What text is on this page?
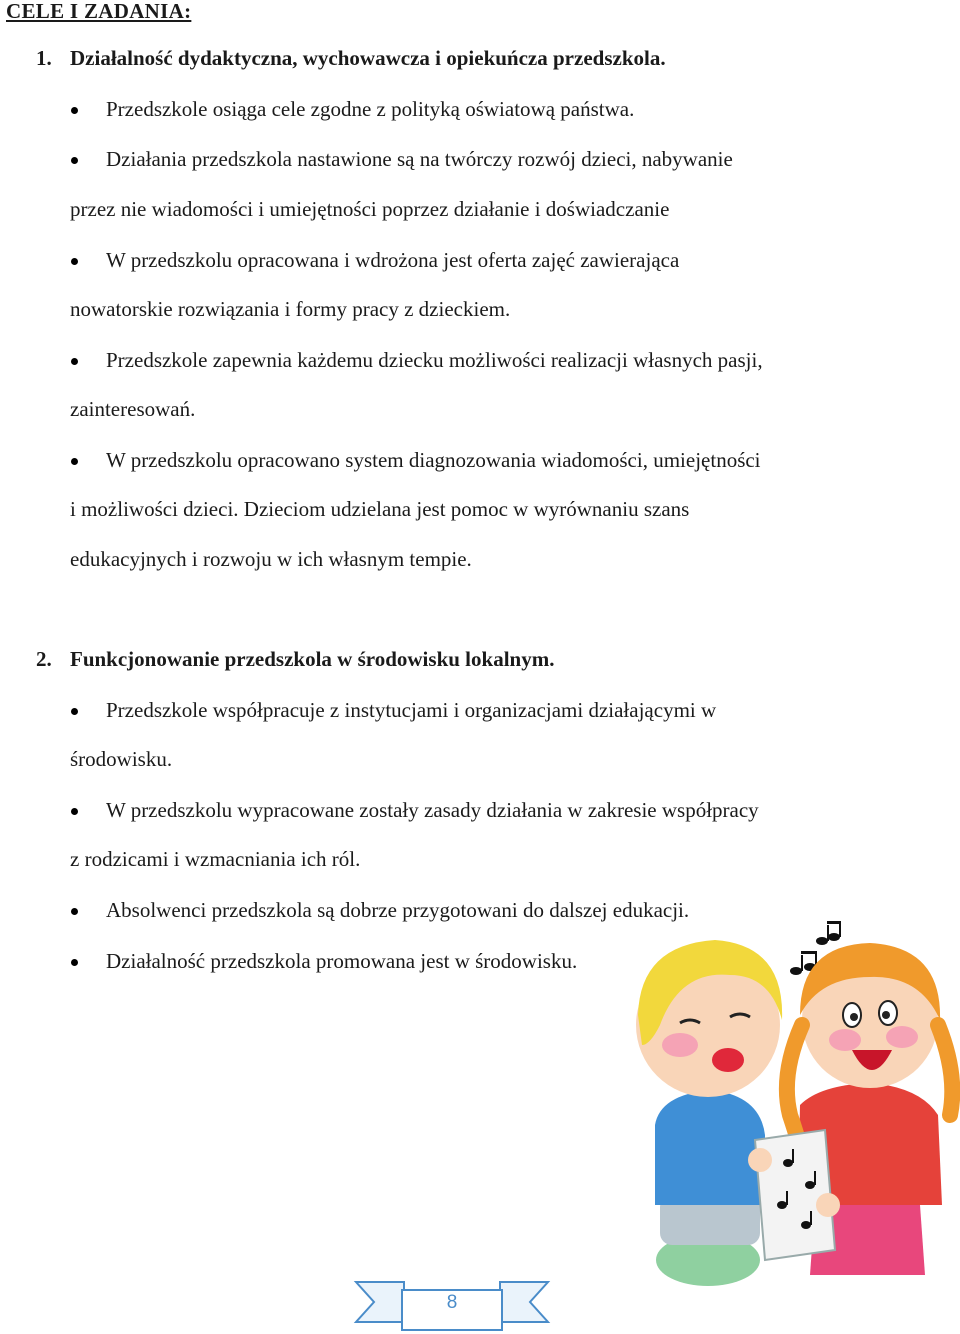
CELE I ZADANIA:
1. Działalność dydaktyczna, wychowawcza i opiekuńcza przedszkola.
Przedszkole osiąga cele zgodne z polityką oświatową państwa.
Działania przedszkola nastawione są na twórczy rozwój dzieci, nabywanie
przez nie wiadomości i umiejętności poprzez działanie i doświadczanie
W przedszkolu opracowana i wdrożona jest oferta zajęć zawierająca
nowatorskie rozwiązania i formy pracy z dzieckiem.
Przedszkole zapewnia każdemu dziecku możliwości realizacji własnych pasji,
zainteresowań.
W przedszkolu opracowano system diagnozowania wiadomości, umiejętności
i możliwości dzieci. Dzieciom udzielana jest pomoc w wyrównaniu szans
edukacyjnych i rozwoju w ich własnym tempie.
2. Funkcjonowanie przedszkola w środowisku lokalnym.
Przedszkole współpracuje z instytucjami i organizacjami działającymi w
środowisku.
W przedszkolu wypracowane zostały zasady działania w zakresie współpracy
z rodzicami i wzmacniania ich ról.
Absolwenci przedszkola są dobrze przygotowani do dalszej edukacji.
Działalność przedszkola promowana jest w środowisku.
8
